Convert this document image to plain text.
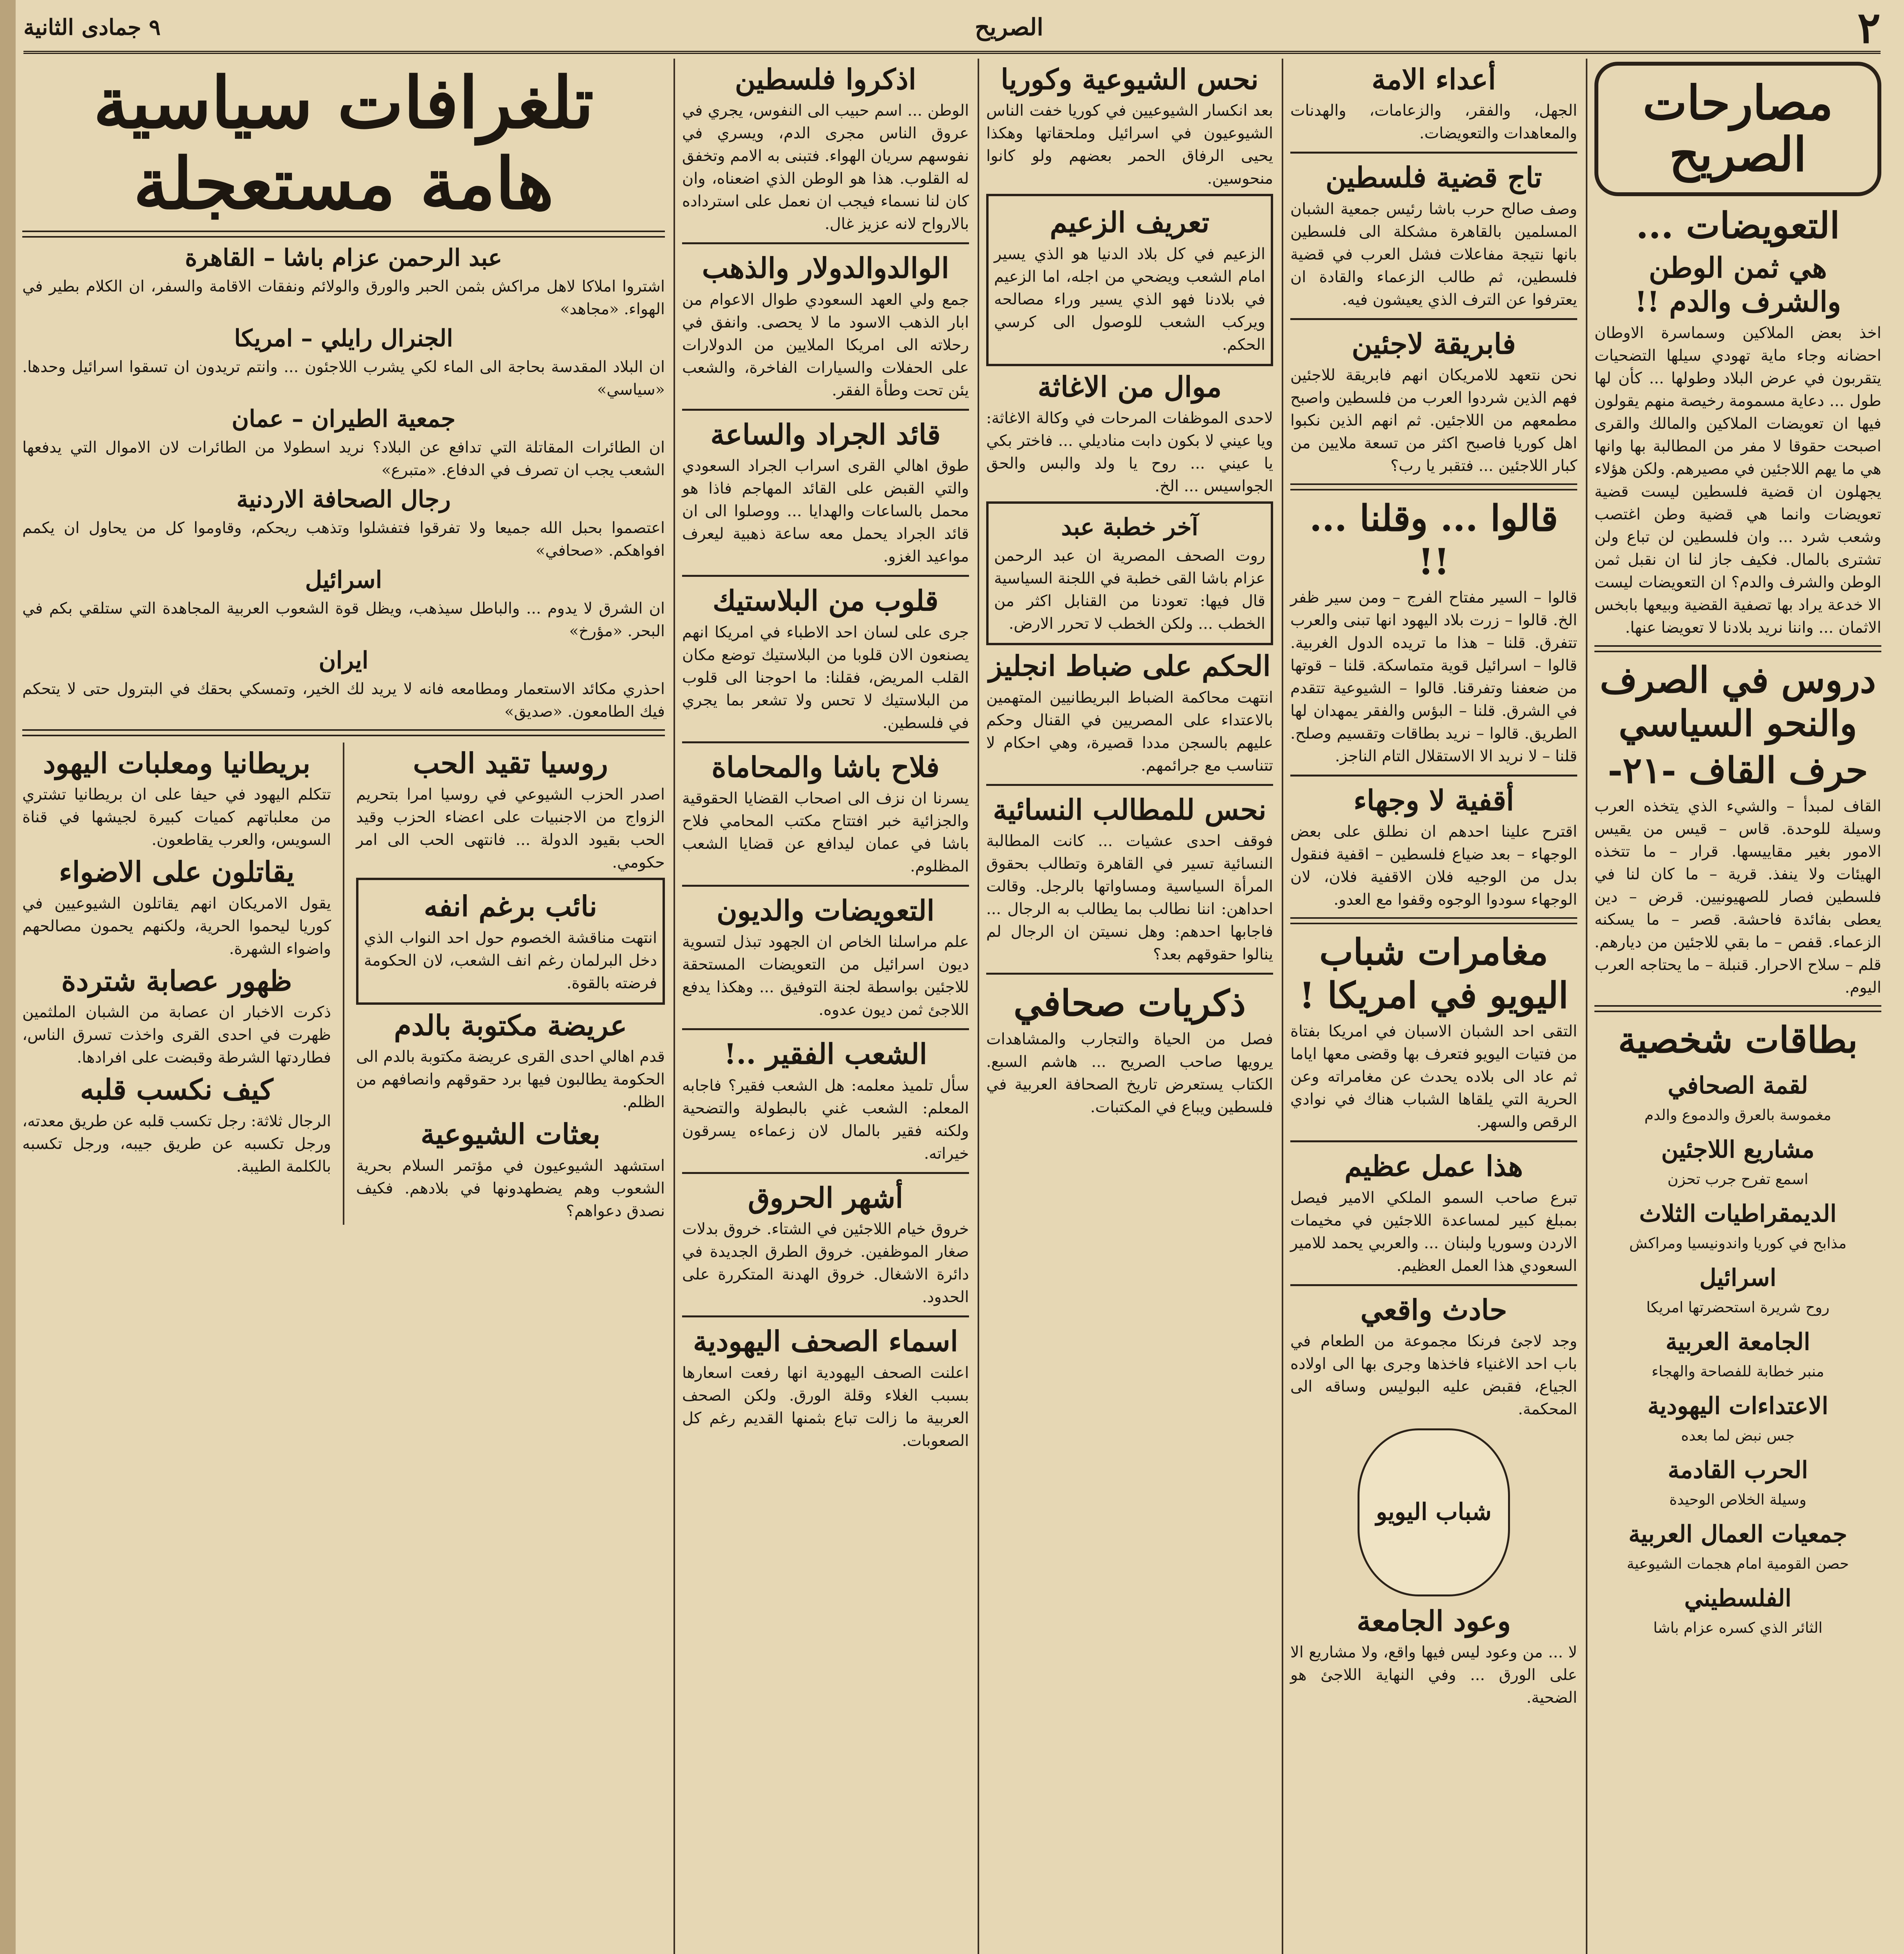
٢
الصريح
٩ جمادى الثانية
مصارحات الصريح
التعويضات ...
هي ثمن الوطن والشرف والدم !!

اخذ بعض الملاكين وسماسرة الاوطان احضانه وجاء ماية تهودي سيلها التضحيات يتقربون في عرض البلاد وطولها ... كأن لها طول ... دعاية مسمومة رخيصة منهم يقولون فيها ان تعويضات الملاكين والمالك والقرى اصبحت حقوقا لا مفر من المطالبة بها وانها هي ما يهم اللاجئين في مصيرهم. ولكن هؤلاء يجهلون ان قضية فلسطين ليست قضية تعويضات وانما هي قضية وطن اغتصب وشعب شرد ... وان فلسطين لن تباع ولن تشترى بالمال. فكيف جاز لنا ان نقبل ثمن الوطن والشرف والدم؟ ان التعويضات ليست الا خدعة يراد بها تصفية القضية وبيعها بابخس الاثمان ... واننا نريد بلادنا لا تعويضا عنها.

دروس في الصرف والنحو السياسي
حرف القاف -٢١-

القاف لمبدأ – والشيء الذي يتخذه العرب وسيلة للوحدة. قاس – قيس من يقيس الامور بغير مقاييسها. قرار – ما تتخذه الهيئات ولا ينفذ. قرية – ما كان لنا في فلسطين فصار للصهيونيين. قرض – دين يعطى بفائدة فاحشة. قصر – ما يسكنه الزعماء. قفص – ما بقي للاجئين من ديارهم. قلم – سلاح الاحرار. قنبلة – ما يحتاجه العرب اليوم.

بطاقات شخصية
لقمة الصحافي
مغموسة بالعرق والدموع والدم
مشاريع اللاجئين
اسمع تفرح جرب تحزن
الديمقراطيات الثلاث
مذابح في كوريا واندونيسيا ومراكش
اسرائيل
روح شريرة استحضرتها امريكا
الجامعة العربية
منبر خطابة للفصاحة والهجاء
الاعتداءات اليهودية
جس نبض لما بعده
الحرب القادمة
وسيلة الخلاص الوحيدة
جمعيات العمال العربية
حصن القومية امام هجمات الشيوعية
الفلسطيني
الثائر الذي كسره عزام باشا
أعداء الامة

الجهل، والفقر، والزعامات، والهدنات والمعاهدات والتعويضات.

تاج قضية فلسطين

وصف صالح حرب باشا رئيس جمعية الشبان المسلمين بالقاهرة مشكلة الى فلسطين بانها نتيجة مفاعلات فشل العرب في قضية فلسطين، ثم طالب الزعماء والقادة ان يعترفوا عن الترف الذي يعيشون فيه.

فابريقة لاجئين

نحن نتعهد للامريكان انهم فابريقة للاجئين فهم الذين شردوا العرب من فلسطين واصبح مطمعهم من اللاجئين. ثم انهم الذين نكبوا اهل كوريا فاصبح اكثر من تسعة ملايين من كبار اللاجئين ... فتقبر يا رب؟

قالوا ... وقلنا ... !!

قالوا – السير مفتاح الفرج – ومن سير ظفر الخ. قالوا – زرت بلاد اليهود انها تبنى والعرب تتفرق. قلنا – هذا ما تريده الدول الغربية. قالوا – اسرائيل قوية متماسكة. قلنا – قوتها من ضعفنا وتفرقنا. قالوا – الشيوعية تتقدم في الشرق. قلنا – البؤس والفقر يمهدان لها الطريق. قالوا – نريد بطاقات وتقسيم وصلح. قلنا – لا نريد الا الاستقلال التام الناجز.

أقفية لا وجهاء

اقترح علينا احدهم ان نطلق على بعض الوجهاء – بعد ضياع فلسطين – اقفية فنقول بدل من الوجيه فلان الاقفية فلان، لان الوجهاء سودوا الوجوه وقفوا مع العدو.

مغامرات شباب اليويو في امريكا !

التقى احد الشبان الاسبان في امريكا بفتاة من فتيات اليويو فتعرف بها وقضى معها اياما ثم عاد الى بلاده يحدث عن مغامراته وعن الحرية التي يلقاها الشباب هناك في نوادي الرقص والسهر.

هذا عمل عظيم

تبرع صاحب السمو الملكي الامير فيصل بمبلغ كبير لمساعدة اللاجئين في مخيمات الاردن وسوريا ولبنان ... والعربي يحمد للامير السعودي هذا العمل العظيم.

حادث واقعي

وجد لاجئ فرنكا مجموعة من الطعام في باب احد الاغنياء فاخذها وجرى بها الى اولاده الجياع، فقبض عليه البوليس وساقه الى المحكمة.

شباب اليويو
وعود الجامعة

لا ... من وعود ليس فيها واقع، ولا مشاريع الا على الورق ... وفي النهاية اللاجئ هو الضحية.

نحس الشيوعية وكوريا

بعد انكسار الشيوعيين في كوريا خفت الناس الشيوعيون في اسرائيل وملحقاتها وهكذا يحيى الرفاق الحمر بعضهم ولو كانوا منحوسين.

تعريف الزعيم

الزعيم في كل بلاد الدنيا هو الذي يسير امام الشعب ويضحي من اجله، اما الزعيم في بلادنا فهو الذي يسير وراء مصالحه ويركب الشعب للوصول الى كرسي الحكم.

موال من الاغاثة

لاحدى الموظفات المرحات في وكالة الاغاثة: ويا عيني لا بكون دابت مناديلي ... فاختر بكي يا عيني ... روح يا ولد والبس والحق الجواسيس ... الخ.

آخر خطبة عبد

روت الصحف المصرية ان عبد الرحمن عزام باشا القى خطبة في اللجنة السياسية قال فيها: تعودنا من القنابل اكثر من الخطب ... ولكن الخطب لا تحرر الارض.

الحكم على ضباط انجليز

انتهت محاكمة الضباط البريطانيين المتهمين بالاعتداء على المصريين في القنال وحكم عليهم بالسجن مددا قصيرة، وهي احكام لا تتناسب مع جرائمهم.

نحس للمطالب النسائية

فوقف احدى عشيات ... كانت المطالبة النسائية تسير في القاهرة وتطالب بحقوق المرأة السياسية ومساواتها بالرجل. وقالت احداهن: اننا نطالب بما يطالب به الرجال ... فاجابها احدهم: وهل نسيتن ان الرجال لم ينالوا حقوقهم بعد؟

ذكريات صحافي

فصل من الحياة والتجارب والمشاهدات يرويها صاحب الصريح ... هاشم السبع. الكتاب يستعرض تاريخ الصحافة العربية في فلسطين ويباع في المكتبات.

اذكروا فلسطين

الوطن ... اسم حبيب الى النفوس، يجري في عروق الناس مجرى الدم، ويسري في نفوسهم سريان الهواء. فتبنى به الامم وتخفق له القلوب. هذا هو الوطن الذي اضعناه، وان كان لنا نسماء فيجب ان نعمل على استرداده بالارواح لانه عزيز غال.

الوالدوالدولار والذهب

جمع ولي العهد السعودي طوال الاعوام من ابار الذهب الاسود ما لا يحصى. وانفق في رحلاته الى امريكا الملايين من الدولارات على الحفلات والسيارات الفاخرة، والشعب يئن تحت وطأة الفقر.

قائد الجراد والساعة

طوق اهالي القرى اسراب الجراد السعودي والتي القبض على القائد المهاجم فاذا هو محمل بالساعات والهدايا ... ووصلوا الى ان قائد الجراد يحمل معه ساعة ذهبية ليعرف مواعيد الغزو.

قلوب من البلاستيك

جرى على لسان احد الاطباء في امريكا انهم يصنعون الان قلوبا من البلاستيك توضع مكان القلب المريض، فقلنا: ما احوجنا الى قلوب من البلاستيك لا تحس ولا تشعر بما يجري في فلسطين.

فلاح باشا والمحاماة

يسرنا ان نزف الى اصحاب القضايا الحقوقية والجزائية خبر افتتاح مكتب المحامي فلاح باشا في عمان ليدافع عن قضايا الشعب المظلوم.

التعويضات والديون

علم مراسلنا الخاص ان الجهود تبذل لتسوية ديون اسرائيل من التعويضات المستحقة للاجئين بواسطة لجنة التوفيق ... وهكذا يدفع اللاجئ ثمن ديون عدوه.

الشعب الفقير ..!

سأل تلميذ معلمه: هل الشعب فقير؟ فاجابه المعلم: الشعب غني بالبطولة والتضحية ولكنه فقير بالمال لان زعماءه يسرقون خيراته.

أشهر الحروق

خروق خيام اللاجئين في الشتاء. خروق بدلات صغار الموظفين. خروق الطرق الجديدة في دائرة الاشغال. خروق الهدنة المتكررة على الحدود.

اسماء الصحف اليهودية

اعلنت الصحف اليهودية انها رفعت اسعارها بسبب الغلاء وقلة الورق. ولكن الصحف العربية ما زالت تباع بثمنها القديم رغم كل الصعوبات.

تلغرافات سياسية هامة مستعجلة
عبد الرحمن عزام باشا – القاهرة

اشتروا املاكا لاهل مراكش بثمن الحبر والورق والولائم ونفقات الاقامة والسفر، ان الكلام بطير في الهواء. «مجاهد»

الجنرال رايلي – امريكا

ان البلاد المقدسة بحاجة الى الماء لكي يشرب اللاجئون ... وانتم تريدون ان تسقوا اسرائيل وحدها. «سياسي»

جمعية الطيران – عمان

ان الطائرات المقاتلة التي تدافع عن البلاد؟ نريد اسطولا من الطائرات لان الاموال التي يدفعها الشعب يجب ان تصرف في الدفاع. «متبرع»

رجال الصحافة الاردنية

اعتصموا بحبل الله جميعا ولا تفرقوا فتفشلوا وتذهب ريحكم، وقاوموا كل من يحاول ان يكمم افواهكم. «صحافي»

اسرائيل

ان الشرق لا يدوم ... والباطل سيذهب، ويظل قوة الشعوب العربية المجاهدة التي ستلقي بكم في البحر. «مؤرخ»

ايران

احذري مكائد الاستعمار ومطامعه فانه لا يريد لك الخير، وتمسكي بحقك في البترول حتى لا يتحكم فيك الطامعون. «صديق»

روسيا تقيد الحب

اصدر الحزب الشيوعي في روسيا امرا بتحريم الزواج من الاجنبيات على اعضاء الحزب وقيد الحب بقيود الدولة ... فانتهى الحب الى امر حكومي.

نائب برغم انفه

انتهت مناقشة الخصوم حول احد النواب الذي دخل البرلمان رغم انف الشعب، لان الحكومة فرضته بالقوة.

عريضة مكتوبة بالدم

قدم اهالي احدى القرى عريضة مكتوبة بالدم الى الحكومة يطالبون فيها برد حقوقهم وانصافهم من الظلم.

بعثات الشيوعية

استشهد الشيوعيون في مؤتمر السلام بحرية الشعوب وهم يضطهدونها في بلادهم. فكيف نصدق دعواهم؟

بريطانيا ومعلبات اليهود

تتكلم اليهود في حيفا على ان بريطانيا تشتري من معلباتهم كميات كبيرة لجيشها في قناة السويس، والعرب يقاطعون.

يقاتلون على الاضواء

يقول الامريكان انهم يقاتلون الشيوعيين في كوريا ليحموا الحرية، ولكنهم يحمون مصالحهم واضواء الشهرة.

ظهور عصابة شتردة

ذكرت الاخبار ان عصابة من الشبان الملثمين ظهرت في احدى القرى واخذت تسرق الناس، فطاردتها الشرطة وقبضت على افرادها.

كيف نكسب قلبه

الرجال ثلاثة: رجل تكسب قلبه عن طريق معدته، ورجل تكسبه عن طريق جيبه، ورجل تكسبه بالكلمة الطيبة.
